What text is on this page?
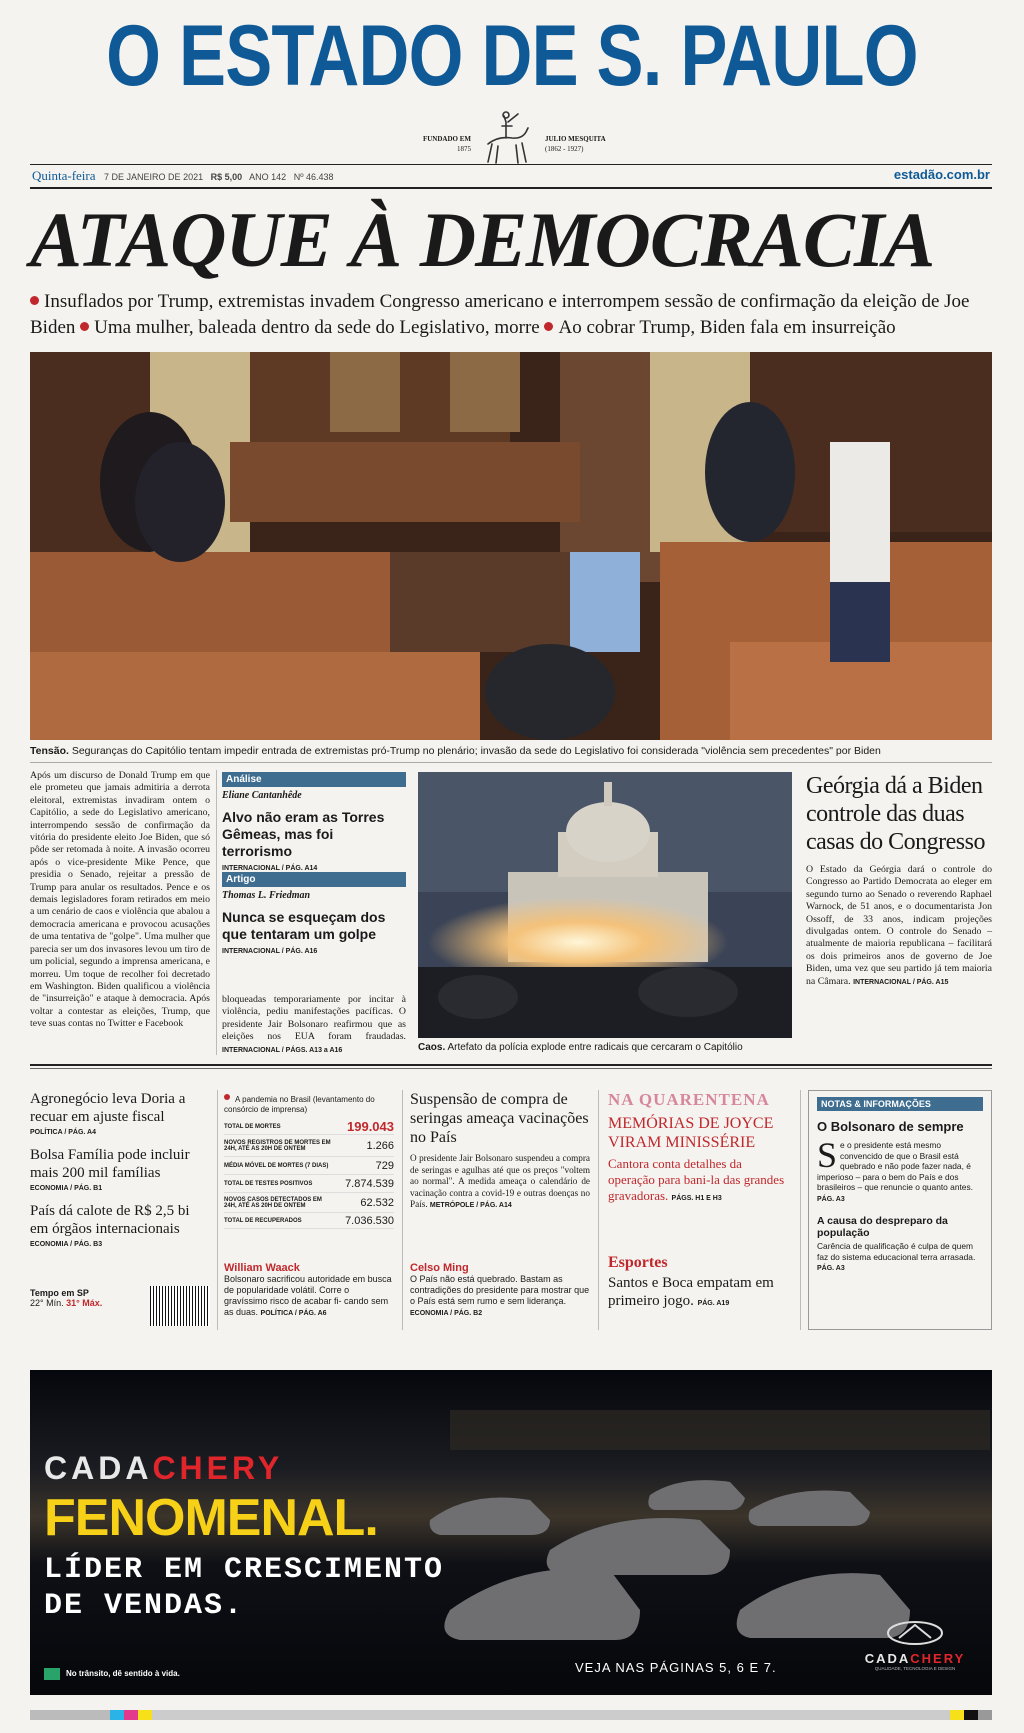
O ESTADO DE S. PAULO
FUNDADO EM
1875
JULIO MESQUITA
(1862 - 1927)
Quinta-feira 7 DE JANEIRO DE 2021 R$ 5,00 ANO 142 Nº 46.438	estadão.com.br
ATAQUE À DEMOCRACIA
Insuflados por Trump, extremistas invadem Congresso americano e interrompem sessão de confirmação da eleição de Joe Biden Uma mulher, baleada dentro da sede do Legislativo, morre Ao cobrar Trump, Biden fala em insurreição
Tensão. Seguranças do Capitólio tentam impedir entrada de extremistas pró-Trump no plenário; invasão da sede do Legislativo foi considerada "violência sem precedentes" por Biden
Após um discurso de Donald Trump em que ele prometeu que jamais admitiria a derrota eleitoral, extremistas invadiram ontem o Capitólio, a sede do Legislativo americano, interrompendo sessão de confirmação da vitória do presidente eleito Joe Biden, que só pôde ser retomada à noite. A invasão ocorreu após o vice-presidente Mike Pence, que presidia o Senado, rejeitar a pressão de Trump para anular os resultados. Pence e os demais legisladores foram retirados em meio a um cenário de caos e violência que abalou a democracia americana e provocou acusações de uma tentativa de "golpe". Uma mulher que parecia ser um dos invasores levou um tiro de um policial, segundo a imprensa americana, e morreu. Um toque de recolher foi decretado em Washington. Biden qualificou a violência de "insurreição" e ataque à democracia. Após voltar a contestar as eleições, Trump, que teve suas contas no Twitter e Facebook
Análise
Eliane Cantanhêde
Alvo não eram as Torres Gêmeas, mas foi terrorismo
INTERNACIONAL / PÁG. A14
Artigo
Thomas L. Friedman
Nunca se esqueçam dos que tentaram um golpe
INTERNACIONAL / PÁG. A16
bloqueadas temporariamente por incitar à violência, pediu manifestações pacíficas. O presidente Jair Bolsonaro reafirmou que as eleições nos EUA foram fraudadas. INTERNACIONAL / PÁGS. A13 a A16	Caos. Artefato da polícia explode entre radicais que cercaram o Capitólio
Geórgia dá a Biden controle das duas casas do Congresso
O Estado da Geórgia dará o controle do Congresso ao Partido Democrata ao eleger em segundo turno ao Senado o reverendo Raphael Warnock, de 51 anos, e o documentarista Jon Ossoff, de 33 anos, indicam projeções divulgadas ontem. O controle do Senado – atualmente de maioria republicana – facilitará os dois primeiros anos de governo de Joe Biden, uma vez que seu partido já tem maioria na Câmara. INTERNACIONAL / PÁG. A15
Agronegócio leva Doria a recuar em ajuste fiscal
POLÍTICA / PÁG. A4
Bolsa Família pode incluir mais 200 mil famílias
ECONOMIA / PÁG. B1
País dá calote de R$ 2,5 bi em órgãos internacionais
ECONOMIA / PÁG. B3
Tempo em SP
22° Mín. 31° Máx.
A pandemia no Brasil (levantamento do consórcio de imprensa)
TOTAL DE MORTES	199.043
NOVOS REGISTROS DE MORTES EM 24H, ATÉ AS 20H DE ONTEM	1.266
MÉDIA MÓVEL DE MORTES (7 DIAS)	729
TOTAL DE TESTES POSITIVOS	7.874.539
NOVOS CASOS DETECTADOS EM 24H, ATÉ AS 20H DE ONTEM	62.532
TOTAL DE RECUPERADOS	7.036.530
William Waack
Bolsonaro sacrificou autoridade em busca de popularidade volátil. Corre o gravíssimo risco de acabar fi- cando sem as duas. POLÍTICA / PÁG. A6
Suspensão de compra de seringas ameaça vacinações no País
O presidente Jair Bolsonaro suspendeu a compra de seringas e agulhas até que os preços "voltem ao normal". A medida ameaça o calendário de vacinação contra a covid-19 e outras doenças no País. METRÓPOLE / PÁG. A14
Celso Ming
O País não está quebrado. Bastam as contradições do presidente para mostrar que o País está sem rumo e sem liderança. ECONOMIA / PÁG. B2
NA QUARENTENA
MEMÓRIAS DE JOYCE VIRAM MINISSÉRIE
Cantora conta detalhes da operação para bani-la das grandes gravadoras. PÁGS. H1 E H3
Esportes
Santos e Boca empatam em primeiro jogo. PÁG. A19
NOTAS & INFORMAÇÕES
O Bolsonaro de sempre
S e o presidente está mesmo convencido de que o Brasil está quebrado e não pode fazer nada, é imperioso – para o bem do País e dos brasileiros – que renuncie o quanto antes. PÁG. A3
A causa do despreparo da população
Carência de qualificação é culpa de quem faz do sistema educacional terra arrasada. PÁG. A3
CADACHERY
FENOMENAL.
LÍDER EM CRESCIMENTO
DE VENDAS.
VEJA NAS PÁGINAS 5, 6 E 7.
No trânsito, dê sentido à vida.
CADACHERY
QUALIDADE, TECNOLOGIA E DESIGN
